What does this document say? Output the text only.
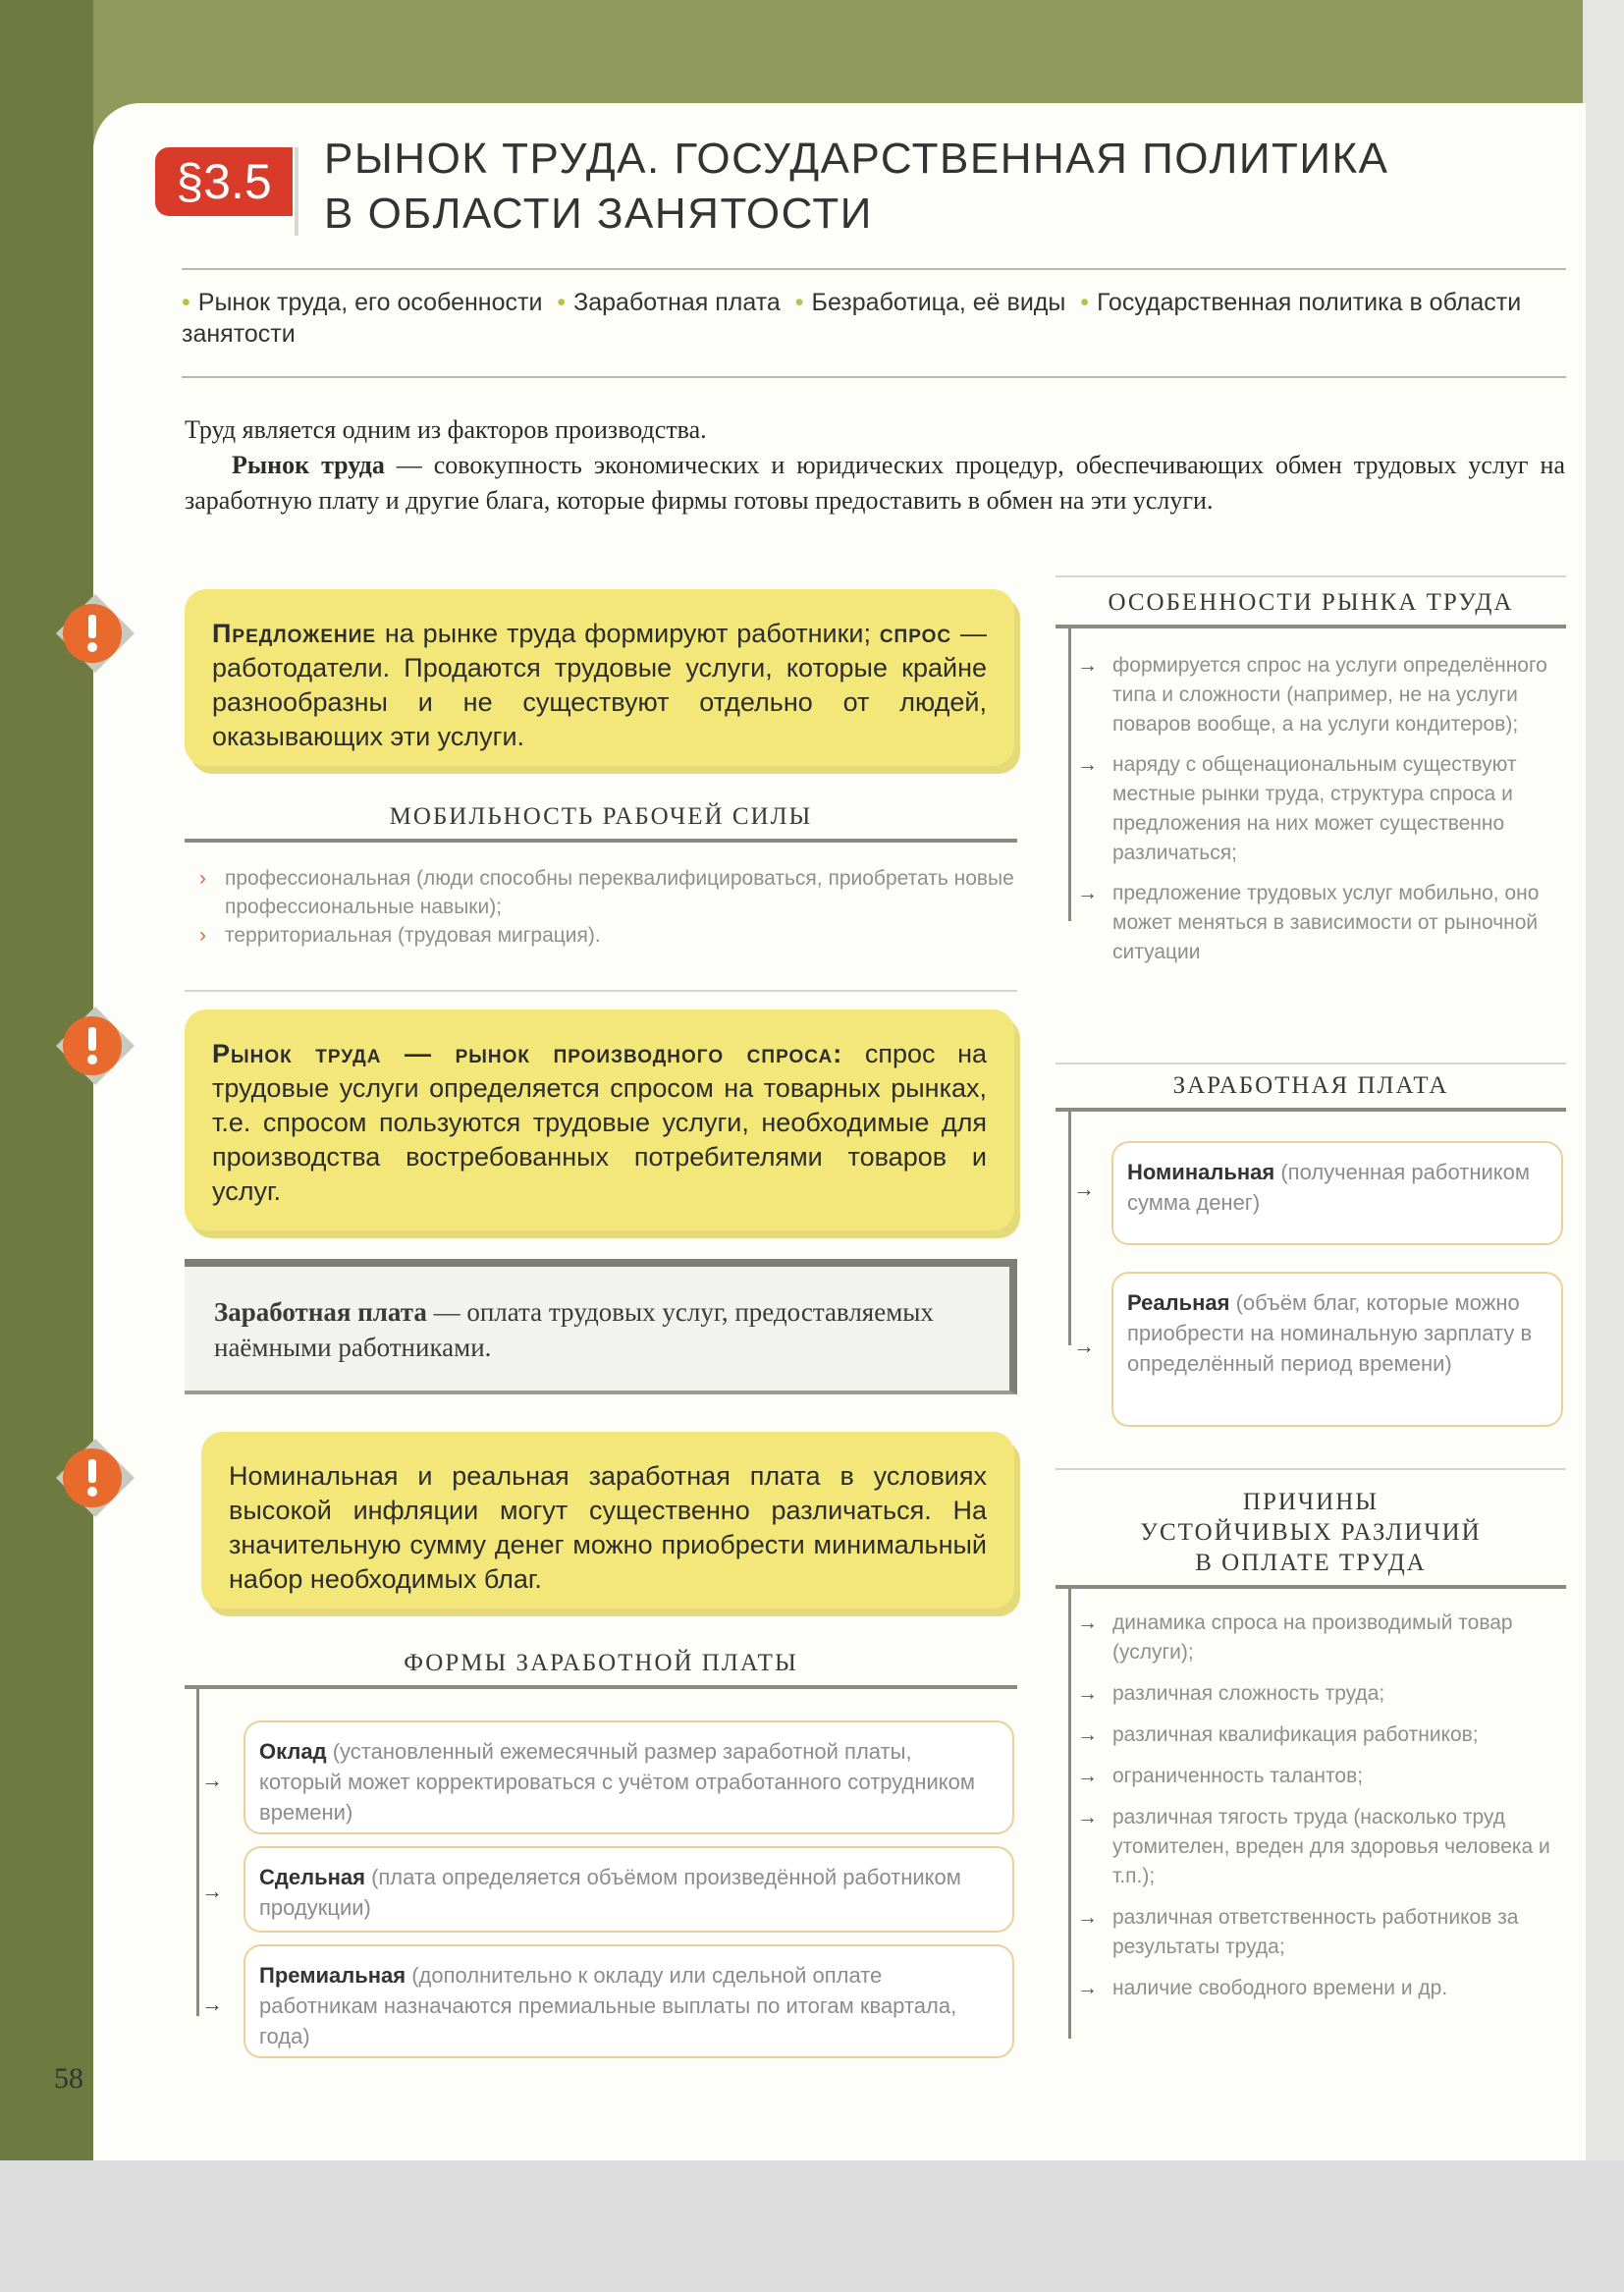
§3.5	РЫНОК ТРУДА. ГОСУДАРСТВЕННАЯ ПОЛИТИКА
В ОБЛАСТИ ЗАНЯТОСТИ
• Рынок труда, его особенности • Заработная плата • Безработица, её виды • Государственная политика в области занятости

Труд является одним из факторов производства.

Рынок труда — совокупность экономических и юридических процедур, обеспечивающих обмен трудовых услуг на заработную плату и другие блага, которые фирмы готовы предоставить в обмен на эти услуги.

Предложение на рынке труда формируют работники; спрос — работодатели. Продаются трудовые услуги, которые крайне разнообразны и не существуют отдельно от людей, оказывающих эти услуги.
МОБИЛЬНОСТЬ РАБОЧЕЙ СИЛЫ
› профессиональная (люди способны переквалифицироваться, приобретать новые профессиональные навыки);
› территориальная (трудовая миграция).
Рынок труда — рынок производного спроса: спрос на трудовые услуги определяется спросом на товарных рынках, т.е. спросом пользуются трудовые услуги, необходимые для производства востребованных потребителями товаров и услуг.
Заработная плата — оплата трудовых услуг, предоставляемых наёмными работниками.
Номинальная и реальная заработная плата в условиях высокой инфляции могут существенно различаться. На значительную сумму денег можно приобрести минимальный набор необходимых благ.
ФОРМЫ ЗАРАБОТНОЙ ПЛАТЫ
→
Оклад (установленный ежемесячный размер заработной платы, который может корректироваться с учётом отработанного сотрудником времени)
→
Сдельная (плата определяется объёмом произведённой работником продукции)
→
Премиальная (дополнительно к окладу или сдельной оплате работникам назначаются премиальные выплаты по итогам квартала, года)
ОСОБЕННОСТИ РЫНКА ТРУДА
→ формируется спрос на услуги определённого типа и сложности (например, не на услуги поваров вообще, а на услуги кондитеров);
→ наряду с общенациональным существуют местные рынки труда, структура спроса и предложения на них может существенно различаться;
→ предложение трудовых услуг мобильно, оно может меняться в зависимости от рыночной ситуации
ЗАРАБОТНАЯ ПЛАТА
→
Номинальная (полученная работником сумма денег)
→
Реальная (объём благ, которые можно приобрести на номинальную зарплату в определённый период времени)
ПРИЧИНЫ
УСТОЙЧИВЫХ РАЗЛИЧИЙ
В ОПЛАТЕ ТРУДА
→ динамика спроса на производимый товар (услуги);
→ различная сложность труда;
→ различная квалификация работников;
→ ограниченность талантов;
→ различная тягость труда (насколько труд утомителен, вреден для здоровья человека и т.п.);
→ различная ответственность работников за результаты труда;
→ наличие свободного времени и др.
58
